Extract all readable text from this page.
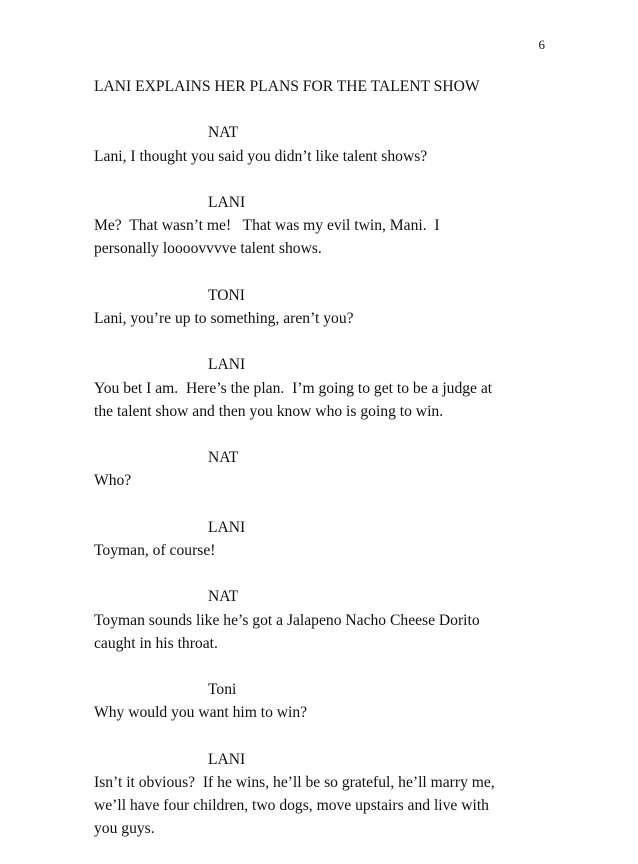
6
LANI EXPLAINS HER PLANS FOR THE TALENT SHOW
NAT
Lani, I thought you said you didn’t like talent shows?
LANI
Me?  That wasn’t me!   That was my evil twin, Mani.  I
personally loooovvvve talent shows.
TONI
Lani, you’re up to something, aren’t you?
LANI
You bet I am.  Here’s the plan.  I’m going to get to be a judge at
the talent show and then you know who is going to win.
NAT
Who?
LANI
Toyman, of course!
NAT
Toyman sounds like he’s got a Jalapeno Nacho Cheese Dorito
caught in his throat.
Toni
Why would you want him to win?
LANI
Isn’t it obvious?  If he wins, he’ll be so grateful, he’ll marry me,
we’ll have four children, two dogs, move upstairs and live with
you guys.
